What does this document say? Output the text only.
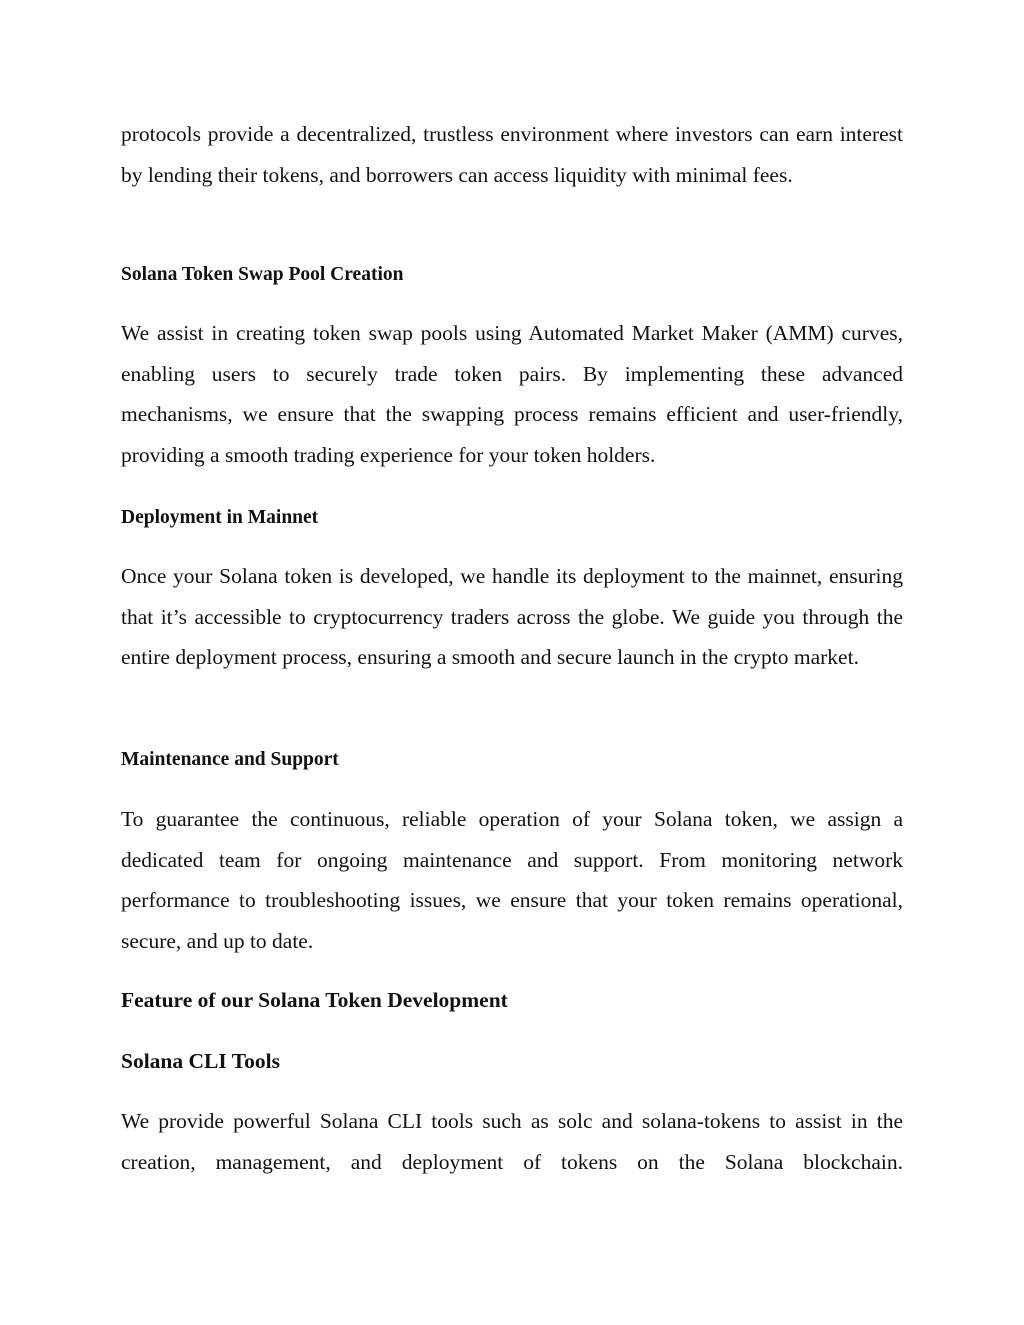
protocols provide a decentralized, trustless environment where investors can earn interest by lending their tokens, and borrowers can access liquidity with minimal fees.

Solana Token Swap Pool Creation

We assist in creating token swap pools using Automated Market Maker (AMM) curves, enabling users to securely trade token pairs. By implementing these advanced mechanisms, we ensure that the swapping process remains efficient and user-friendly, providing a smooth trading experience for your token holders.

Deployment in Mainnet

Once your Solana token is developed, we handle its deployment to the mainnet, ensuring that it’s accessible to cryptocurrency traders across the globe. We guide you through the entire deployment process, ensuring a smooth and secure launch in the crypto market.

Maintenance and Support

To guarantee the continuous, reliable operation of your Solana token, we assign a dedicated team for ongoing maintenance and support. From monitoring network performance to troubleshooting issues, we ensure that your token remains operational, secure, and up to date.

Feature of our Solana Token Development
Solana CLI Tools

We provide powerful Solana CLI tools such as solc and solana-tokens to assist in the creation, management, and deployment of tokens on the Solana blockchain.
